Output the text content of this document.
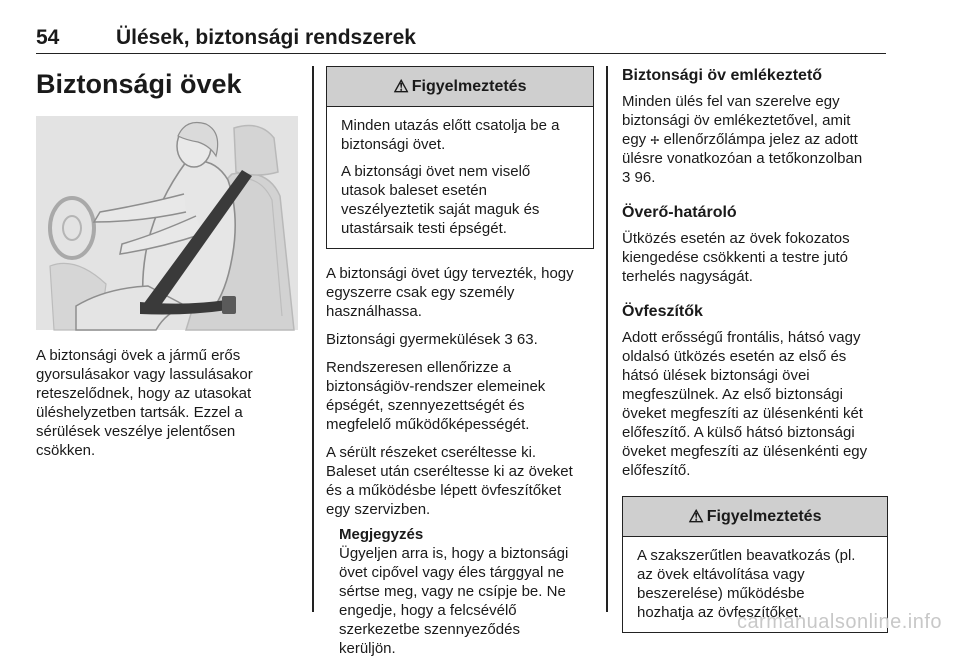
54	Ülések, biztonsági rendszerek
Biztonsági övek

A biztonsági övek a jármű erős
gyorsulásakor vagy lassulásakor
reteszelődnek, hogy az utasokat
üléshelyzetben tartsák. Ezzel a
sérülések veszélye jelentősen
csökken.

⚠ Figyelmeztetés

Minden utazás előtt csatolja be a
biztonsági övet.

A biztonsági övet nem viselő
utasok baleset esetén
veszélyeztetik saját maguk és
utastársaik testi épségét.

A biztonsági övet úgy tervezték, hogy
egyszerre csak egy személy
használhassa.

Biztonsági gyermekülések 3 63.

Rendszeresen ellenőrizze a
biztonságiöv-rendszer elemeinek
épségét, szennyezettségét és
megfelelő működőképességét.

A sérült részeket cseréltesse ki.
Baleset után cseréltesse ki az öveket
és a működésbe lépett övfeszítőket
egy szervizben.

Megjegyzés
Ügyeljen arra is, hogy a biztonsági
övet cipővel vagy éles tárggyal ne
sértse meg, vagy ne csípje be. Ne
engedje, hogy a felcsévélő
szerkezetbe szennyeződés
kerüljön.
Biztonsági öv emlékeztető

Minden ülés fel van szerelve egy
biztonsági öv emlékeztetővel, amit
egy 🕂 ellenőrzőlámpa jelez az adott
ülésre vonatkozóan a tetőkonzolban
3 96.

Överő-határoló

Ütközés esetén az övek fokozatos
kiengedése csökkenti a testre jutó
terhelés nagyságát.

Övfeszítők

Adott erősségű frontális, hátsó vagy
oldalsó ütközés esetén az első és
hátsó ülések biztonsági övei
megfeszülnek. Az első biztonsági
öveket megfeszíti az ülésenkénti két
előfeszítő. A külső hátsó biztonsági
öveket megfeszíti az ülésenkénti egy
előfeszítő.

⚠ Figyelmeztetés

A szakszerűtlen beavatkozás (pl.
az övek eltávolítása vagy
beszerelése) működésbe
hozhatja az övfeszítőket.

carmanualsonline.info
